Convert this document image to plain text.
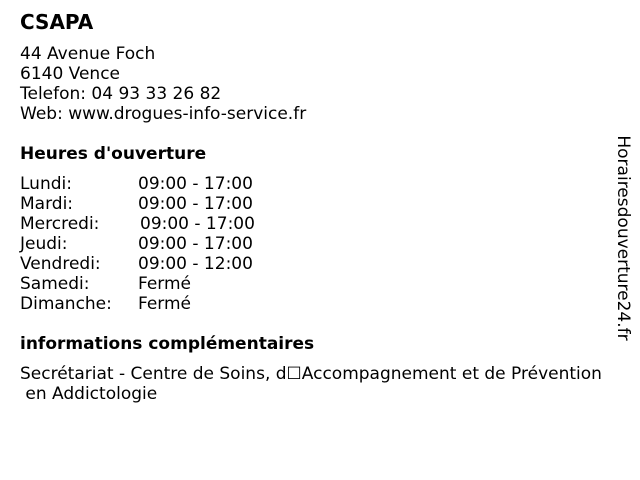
CSAPA
44 Avenue Foch
6140 Vence
Telefon: 04 93 33 26 82
Web: www.drogues-info-service.fr
Heures d'ouverture
Lundi:	09:00 - 17:00
Mardi:	09:00 - 17:00
Mercredi: 09:00 - 17:00
Jeudi:	09:00 - 17:00
Vendredi: 09:00 - 12:00
Samedi:	Fermé
Dimanche: Fermé
informations complémentaires
Secrétariat - Centre de Soins, d☐Accompagnement et de Prévention
en Addictologie
Horairesdouverture24.fr
